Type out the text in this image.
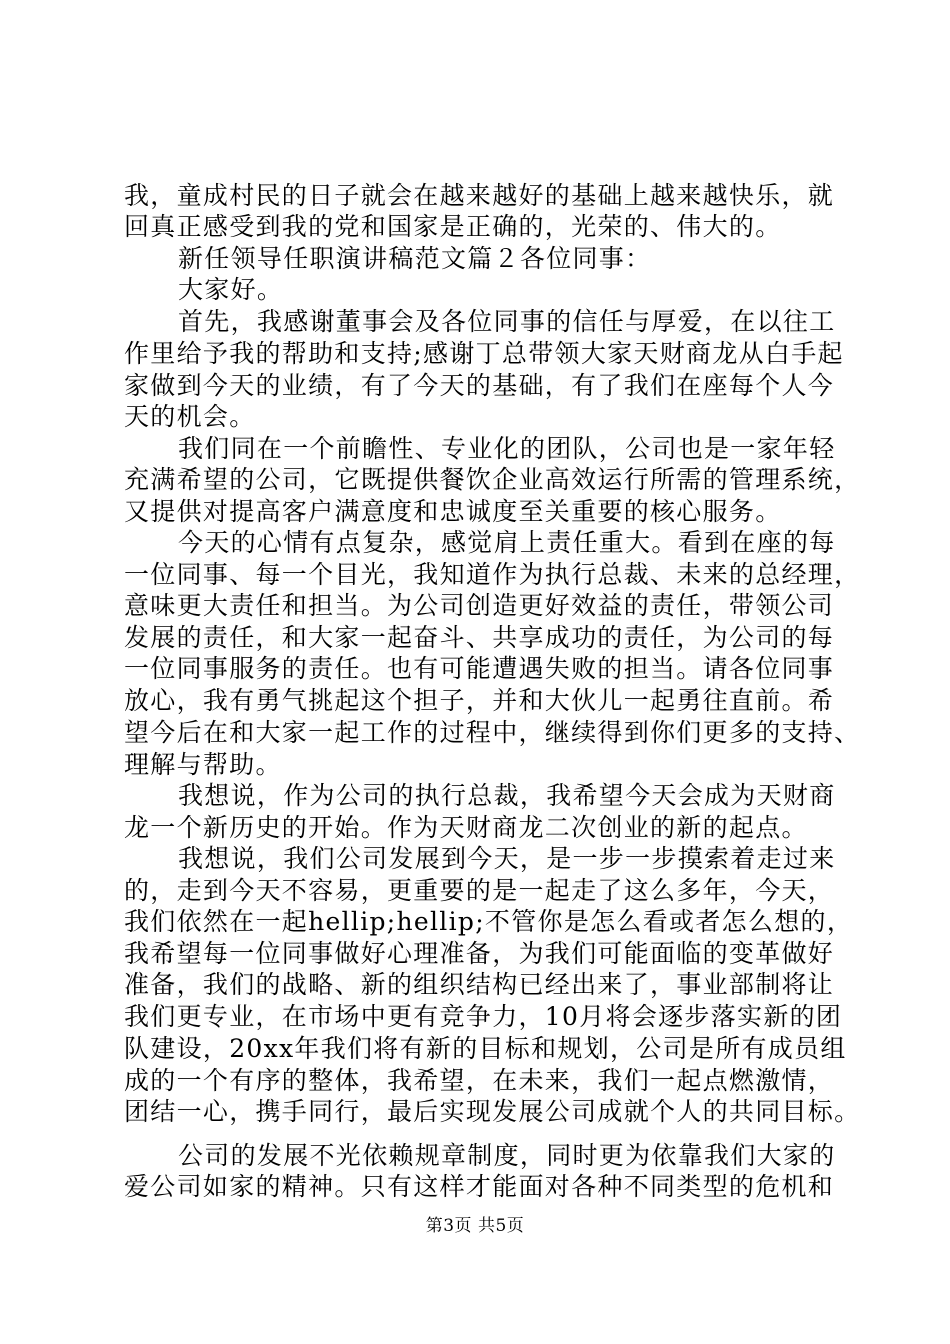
我，童成村民的日子就会在越来越好的基础上越来越快乐，就
回真正感受到我的党和国家是正确的，光荣的、伟大的。
新任领导任职演讲稿范文篇２各位同事：
大家好。
首先，我感谢董事会及各位同事的信任与厚爱，在以往工
作里给予我的帮助和支持;感谢丁总带领大家天财商龙从白手起
家做到今天的业绩，有了今天的基础，有了我们在座每个人今
天的机会。
我们同在一个前瞻性、专业化的团队，公司也是一家年轻
充满希望的公司，它既提供餐饮企业高效运行所需的管理系统，
又提供对提高客户满意度和忠诚度至关重要的核心服务。
今天的心情有点复杂，感觉肩上责任重大。看到在座的每
一位同事、每一个目光，我知道作为执行总裁、未来的总经理，
意味更大责任和担当。为公司创造更好效益的责任，带领公司
发展的责任，和大家一起奋斗、共享成功的责任，为公司的每
一位同事服务的责任。也有可能遭遇失败的担当。请各位同事
放心，我有勇气挑起这个担子，并和大伙儿一起勇往直前。希
望今后在和大家一起工作的过程中，继续得到你们更多的支持、
理解与帮助。
我想说，作为公司的执行总裁，我希望今天会成为天财商
龙一个新历史的开始。作为天财商龙二次创业的新的起点。
我想说，我们公司发展到今天，是一步一步摸索着走过来
的，走到今天不容易，更重要的是一起走了这么多年，今天，
我们依然在一起hellip;hellip;不管你是怎么看或者怎么想的，
我希望每一位同事做好心理准备，为我们可能面临的变革做好
准备，我们的战略、新的组织结构已经出来了，事业部制将让
我们更专业，在市场中更有竞争力，10月将会逐步落实新的团
队建设，20xx年我们将有新的目标和规划，公司是所有成员组
成的一个有序的整体，我希望，在未来，我们一起点燃激情，
团结一心，携手同行，最后实现发展公司成就个人的共同目标。
公司的发展不光依赖规章制度，同时更为依靠我们大家的
爱公司如家的精神。只有这样才能面对各种不同类型的危机和
第3页 共5页
